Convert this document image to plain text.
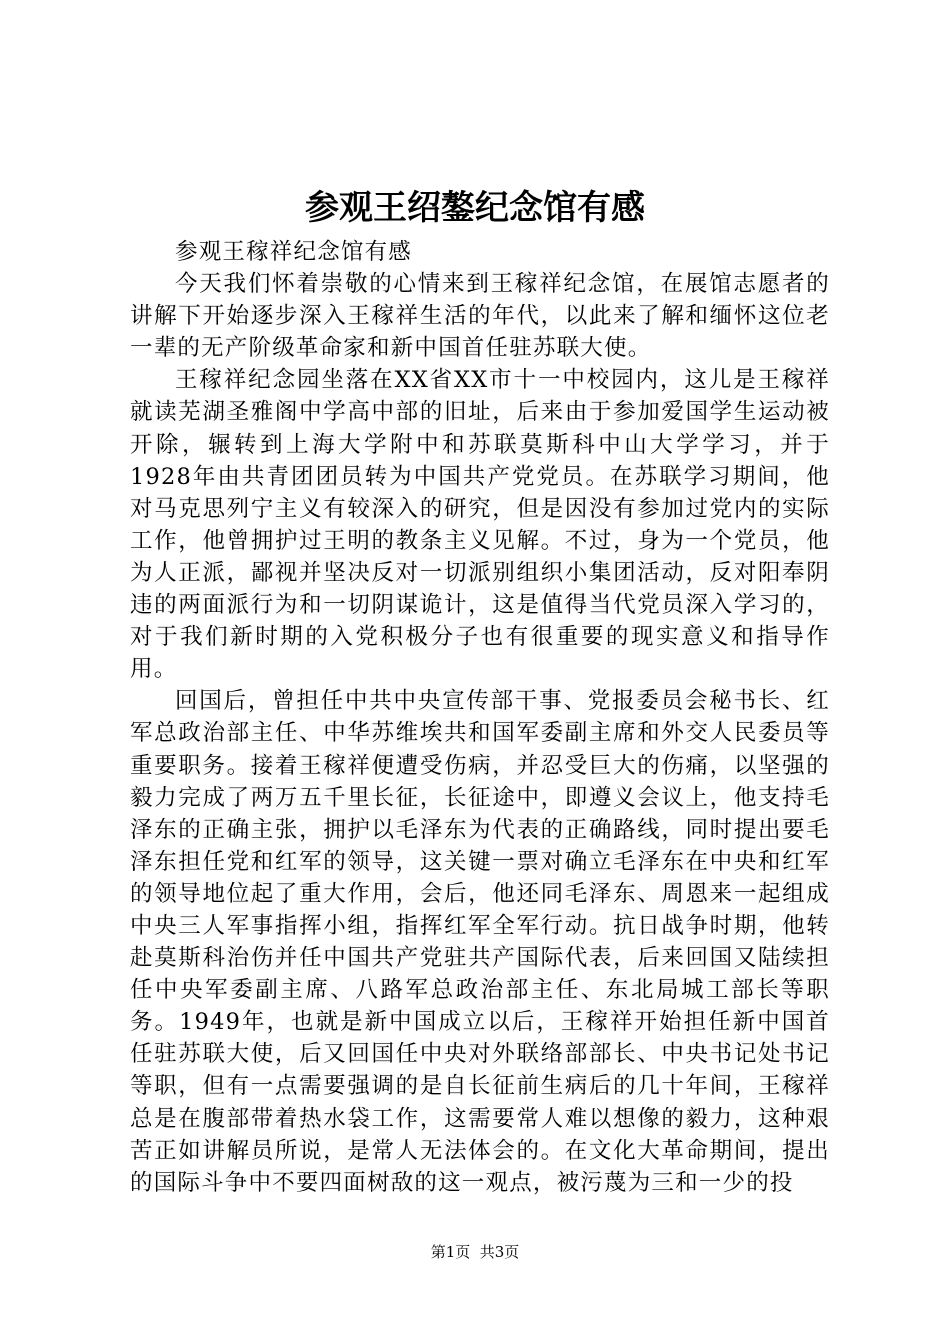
参观王绍鏊纪念馆有感

参观王稼祥纪念馆有感

今天我们怀着崇敬的心情来到王稼祥纪念馆，在展馆志愿者的讲解下开始逐步深入王稼祥生活的年代，以此来了解和缅怀这位老一辈的无产阶级革命家和新中国首任驻苏联大使。

王稼祥纪念园坐落在XX省XX市十一中校园内，这儿是王稼祥就读芜湖圣雅阁中学高中部的旧址，后来由于参加爱国学生运动被开除，辗转到上海大学附中和苏联莫斯科中山大学学习，并于1928年由共青团团员转为中国共产党党员。在苏联学习期间，他对马克思列宁主义有较深入的研究，但是因没有参加过党内的实际工作，他曾拥护过王明的教条主义见解。不过，身为一个党员，他为人正派，鄙视并坚决反对一切派别组织小集团活动，反对阳奉阴违的两面派行为和一切阴谋诡计，这是值得当代党员深入学习的，对于我们新时期的入党积极分子也有很重要的现实意义和指导作用。

回国后，曾担任中共中央宣传部干事、党报委员会秘书长、红军总政治部主任、中华苏维埃共和国军委副主席和外交人民委员等重要职务。接着王稼祥便遭受伤病，并忍受巨大的伤痛，以坚强的毅力完成了两万五千里长征，长征途中，即遵义会议上，他支持毛泽东的正确主张，拥护以毛泽东为代表的正确路线，同时提出要毛泽东担任党和红军的领导，这关键一票对确立毛泽东在中央和红军的领导地位起了重大作用，会后，他还同毛泽东、周恩来一起组成中央三人军事指挥小组，指挥红军全军行动。抗日战争时期，他转赴莫斯科治伤并任中国共产党驻共产国际代表，后来回国又陆续担任中央军委副主席、八路军总政治部主任、东北局城工部长等职务。1949年，也就是新中国成立以后，王稼祥开始担任新中国首任驻苏联大使，后又回国任中央对外联络部部长、中央书记处书记等职，但有一点需要强调的是自长征前生病后的几十年间，王稼祥总是在腹部带着热水袋工作，这需要常人难以想像的毅力，这种艰苦正如讲解员所说，是常人无法体会的。在文化大革命期间，提出的国际斗争中不要四面树敌的这一观点，被污蔑为三和一少的投

第1页  共3页
